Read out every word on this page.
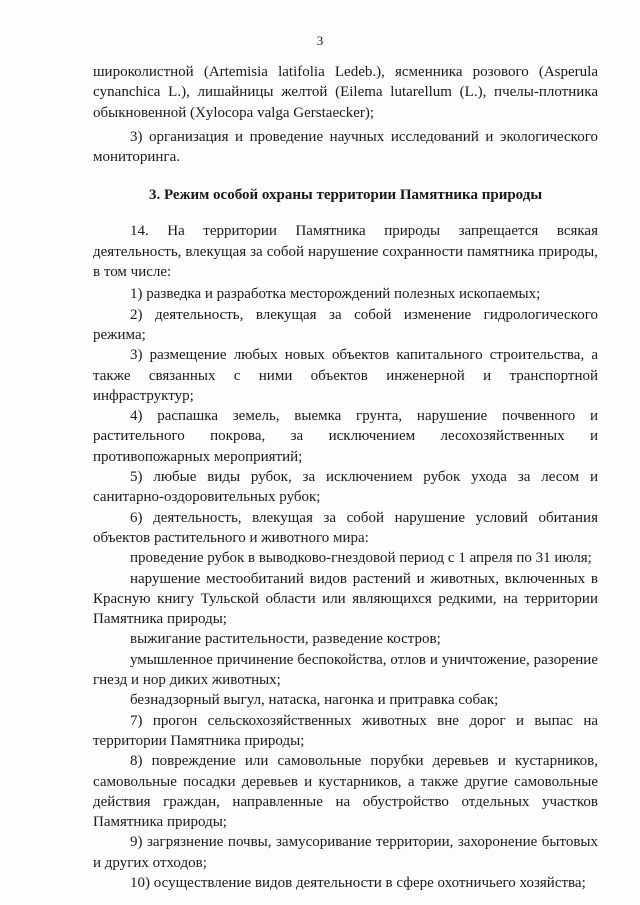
3

широколистной (Artemisia latifolia Ledeb.), ясменника розового (Asperula cynanchica L.), лишайницы желтой (Eilema lutarellum (L.), пчелы-плотника обыкновенной (Xylocopa valga Gerstaecker);

3) организация и проведение научных исследований и экологического мониторинга.

3. Режим особой охраны территории Памятника природы

14. На территории Памятника природы запрещается всякая деятельность, влекущая за собой нарушение сохранности памятника природы, в том числе:

1) разведка и разработка месторождений полезных ископаемых;

2) деятельность, влекущая за собой изменение гидрологического режима;

3) размещение любых новых объектов капитального строительства, а также связанных с ними объектов инженерной и транспортной инфраструктур;

4) распашка земель, выемка грунта, нарушение почвенного и растительного покрова, за исключением лесохозяйственных и противопожарных мероприятий;

5) любые виды рубок, за исключением рубок ухода за лесом и санитарно-оздоровительных рубок;

6) деятельность, влекущая за собой нарушение условий обитания объектов растительного и животного мира:

проведение рубок в выводково-гнездовой период с 1 апреля по 31 июля;

нарушение местообитаний видов растений и животных, включенных в Красную книгу Тульской области или являющихся редкими, на территории Памятника природы;

выжигание растительности, разведение костров;

умышленное причинение беспокойства, отлов и уничтожение, разорение гнезд и нор диких животных;

безнадзорный выгул, натаска, нагонка и притравка собак;

7) прогон сельскохозяйственных животных вне дорог и выпас на территории Памятника природы;

8) повреждение или самовольные порубки деревьев и кустарников, самовольные посадки деревьев и кустарников, а также другие самовольные действия граждан, направленные на обустройство отдельных участков Памятника природы;

9) загрязнение почвы, замусоривание территории, захоронение бытовых и других отходов;

10) осуществление видов деятельности в сфере охотничьего хозяйства;
